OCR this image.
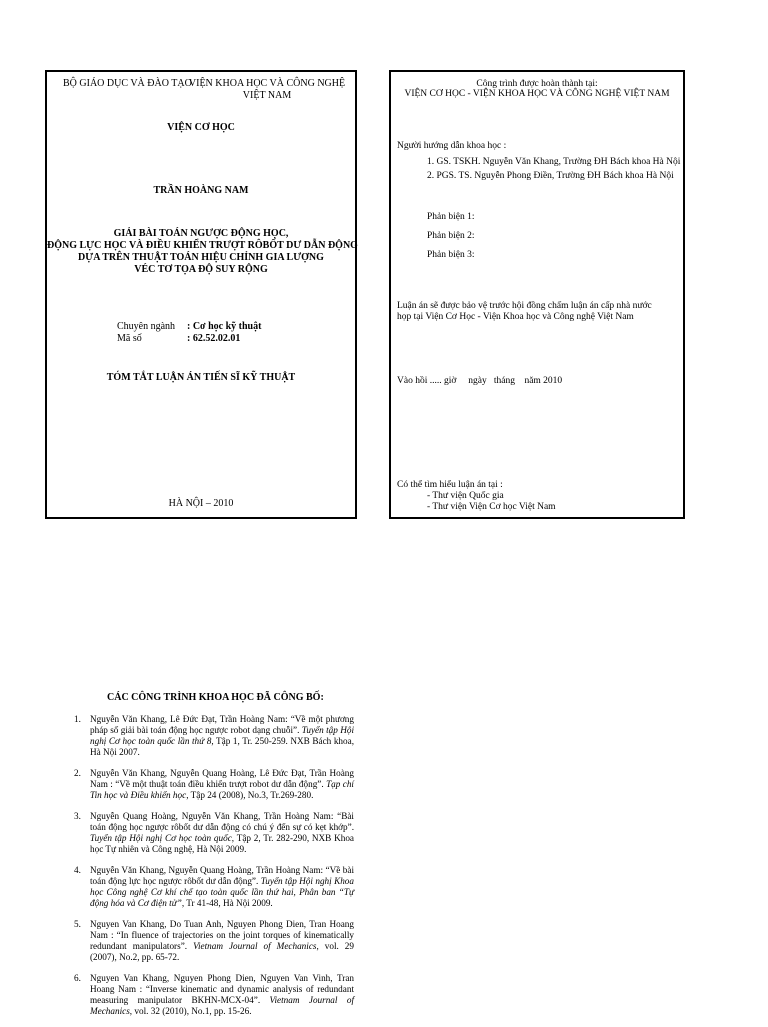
BỘ GIÁO DỤC VÀ ĐÀO TẠO
VIỆN KHOA HỌC VÀ CÔNG NGHỆ
VIỆT NAM
VIỆN CƠ HỌC
TRẦN HOÀNG NAM
GIẢI BÀI TOÁN NGƯỢC ĐỘNG HỌC,
ĐỘNG LỰC HỌC VÀ ĐIỀU KHIỂN TRƯỢT RÔBỐT DƯ DẪN ĐỘNG
DỰA TRÊN THUẬT TOÁN HIỆU CHỈNH GIA LƯỢNG
VÉC TƠ TỌA ĐỘ SUY RỘNG
Chuyên ngành : Cơ học kỹ thuật
Mã số	: 62.52.02.01
TÓM TẮT LUẬN ÁN TIẾN SĨ KỸ THUẬT
HÀ NỘI – 2010
Công trình được hoàn thành tại:
VIỆN CƠ HỌC - VIỆN KHOA HỌC VÀ CÔNG NGHỆ VIỆT NAM
Người hướng dẫn khoa học :
1. GS. TSKH. Nguyễn Văn Khang, Trường ĐH Bách khoa Hà Nội
2. PGS. TS. Nguyễn Phong Điền, Trường ĐH Bách khoa Hà Nội
Phản biện 1:
Phản biện 2:
Phản biện 3:
Luận án sẽ được bảo vệ trước hội đồng chấm luận án cấp nhà nước
họp tại Viện Cơ Học - Viện Khoa học và Công nghệ Việt Nam
Vào hồi ..... giờ     ngày   tháng    năm 2010
Có thể tìm hiểu luận án tại :
- Thư viện Quốc gia
- Thư viện Viện Cơ học Việt Nam
CÁC CÔNG TRÌNH KHOA HỌC ĐÃ CÔNG BỐ:
1. Nguyễn Văn Khang, Lê Đức Đạt, Trần Hoàng Nam: “Về một phương pháp số giải bài toán động học ngược robot dạng chuỗi”. Tuyển tập Hội nghị Cơ học toàn quốc lần thứ 8, Tập 1, Tr. 250-259. NXB Bách khoa, Hà Nội 2007.
2. Nguyễn Văn Khang, Nguyễn Quang Hoàng, Lê Đức Đạt, Trần Hoàng Nam : “Về một thuật toán điều khiển trượt robot dư dẫn động”. Tạp chí Tin học và Điều khiển học, Tập 24 (2008), No.3, Tr.269-280.
3. Nguyễn Quang Hoàng, Nguyễn Văn Khang, Trần Hoàng Nam: “Bài toán động học ngược rôbốt dư dẫn động có chú ý đến sự có kẹt khớp”. Tuyển tập Hội nghị Cơ học toàn quốc, Tập 2, Tr. 282-290, NXB Khoa học Tự nhiên và Công nghệ, Hà Nội 2009.
4. Nguyễn Văn Khang, Nguyễn Quang Hoàng, Trần Hoàng Nam: “Về bài toán động lực học ngược rôbốt dư dẫn động”. Tuyển tập Hội nghị Khoa học Công nghệ Cơ khí chế tạo toàn quốc lần thứ hai, Phân ban “Tự động hóa và Cơ điện tử”, Tr 41-48, Hà Nội 2009.
5. Nguyen Van Khang, Do Tuan Anh, Nguyen Phong Dien, Tran Hoang Nam : “In fluence of trajectories on the joint torques of kinematically redundant manipulators”. Vietnam Journal of Mechanics, vol. 29 (2007), No.2, pp. 65-72.
6. Nguyen Van Khang, Nguyen Phong Dien, Nguyen Van Vinh, Tran Hoang Nam : “Inverse kinematic and dynamic analysis of redundant measuring manipulator BKHN-MCX-04”. Vietnam Journal of Mechanics, vol. 32 (2010), No.1, pp. 15-26.
